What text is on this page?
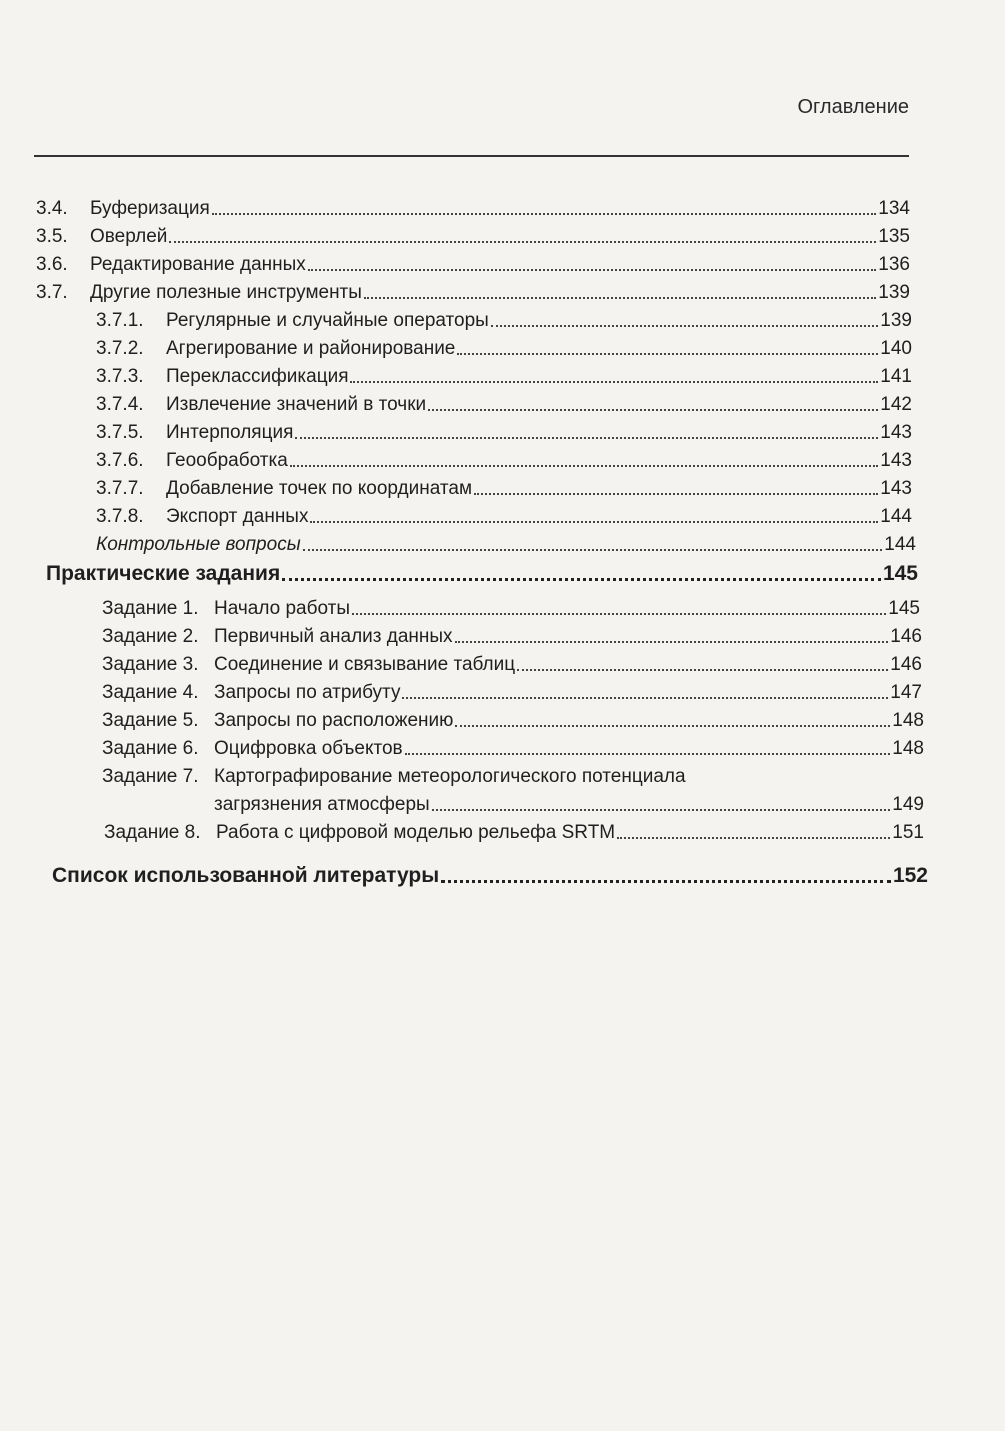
Оглавление
3.4.	Буферизация	134
3.5.	Оверлей	135
3.6.	Редактирование данных	136
3.7.	Другие полезные инструменты	139
3.7.1.	Регулярные и случайные операторы	139
3.7.2.	Агрегирование и районирование	140
3.7.3.	Переклассификация	141
3.7.4.	Извлечение значений в точки	142
3.7.5.	Интерполяция	143
3.7.6.	Геообработка	143
3.7.7.	Добавление точек по координатам	143
3.7.8.	Экспорт данных	144
Контрольные вопросы	144
Практические задания	145
Задание 1. Начало работы	145
Задание 2. Первичный анализ данных	146
Задание 3. Соединение и связывание таблиц	146
Задание 4. Запросы по атрибуту	147
Задание 5. Запросы по расположению	148
Задание 6. Оцифровка объектов	148
Задание 7. Картографирование метеорологического потенциала
загрязнения атмосферы	149
Задание 8. Работа с цифровой моделью рельефа SRTM	151
Список использованной литературы	152
